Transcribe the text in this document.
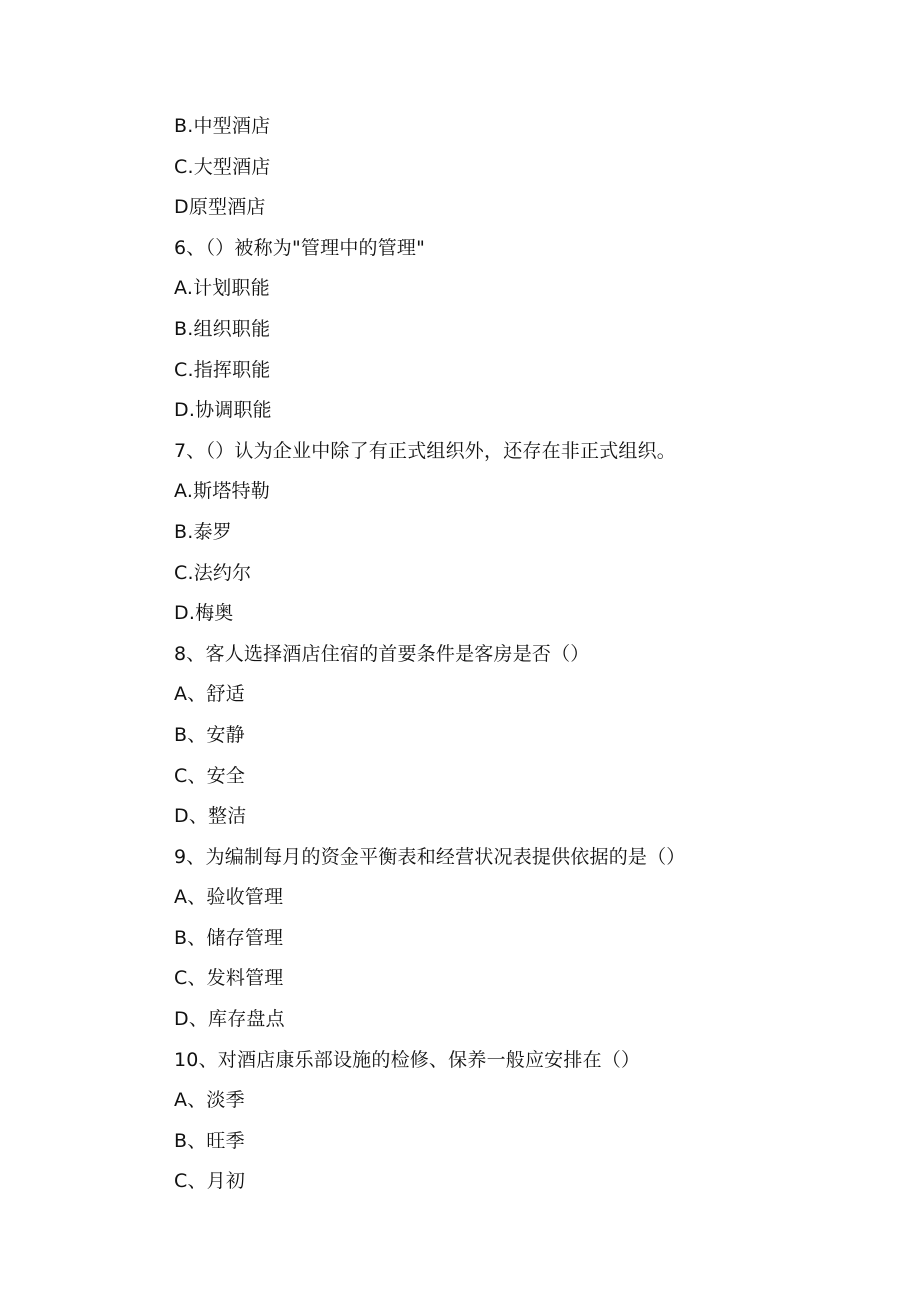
B.中型酒店
C.大型酒店
D原型酒店
6、（）被称为"管理中的管理"
A.计划职能
B.组织职能
C.指挥职能
D.协调职能
7、（）认为企业中除了有正式组织外，还存在非正式组织。
A.斯塔特勒
B.泰罗
C.法约尔
D.梅奥
8、客人选择酒店住宿的首要条件是客房是否（）
A、舒适
B、安静
C、安全
D、整洁
9、为编制每月的资金平衡表和经营状况表提供依据的是（）
A、验收管理
B、储存管理
C、发料管理
D、库存盘点
10、对酒店康乐部设施的检修、保养一般应安排在（）
A、淡季
B、旺季
C、月初
